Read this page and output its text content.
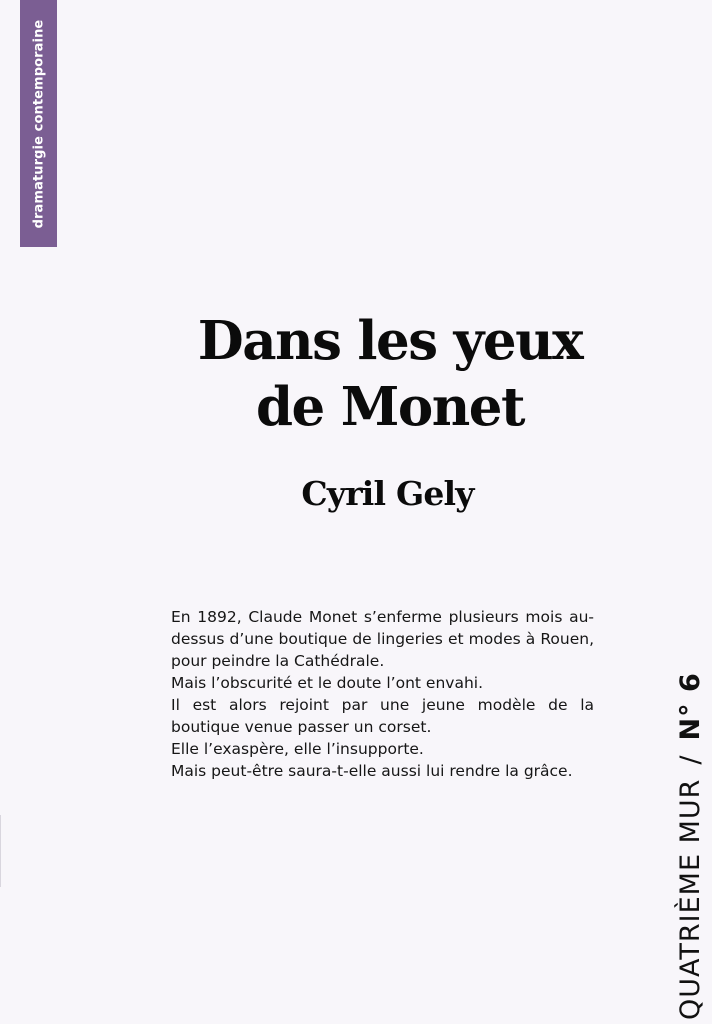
dramaturgie contemporaine
Dans les yeux
de Monet
Cyril Gely

En 1892, Claude Monet s’enferme plusieurs mois au-dessus d’une boutique de lingeries et modes à Rouen, pour peindre la Cathédrale.

Mais l’obscurité et le doute l’ont envahi.

Il est alors rejoint par une jeune modèle de la boutique venue passer un corset.

Elle l’exaspère, elle l’insupporte.

Mais peut-être saura-t-elle aussi lui rendre la grâce.

QUATRIÈME MUR/N° 6
